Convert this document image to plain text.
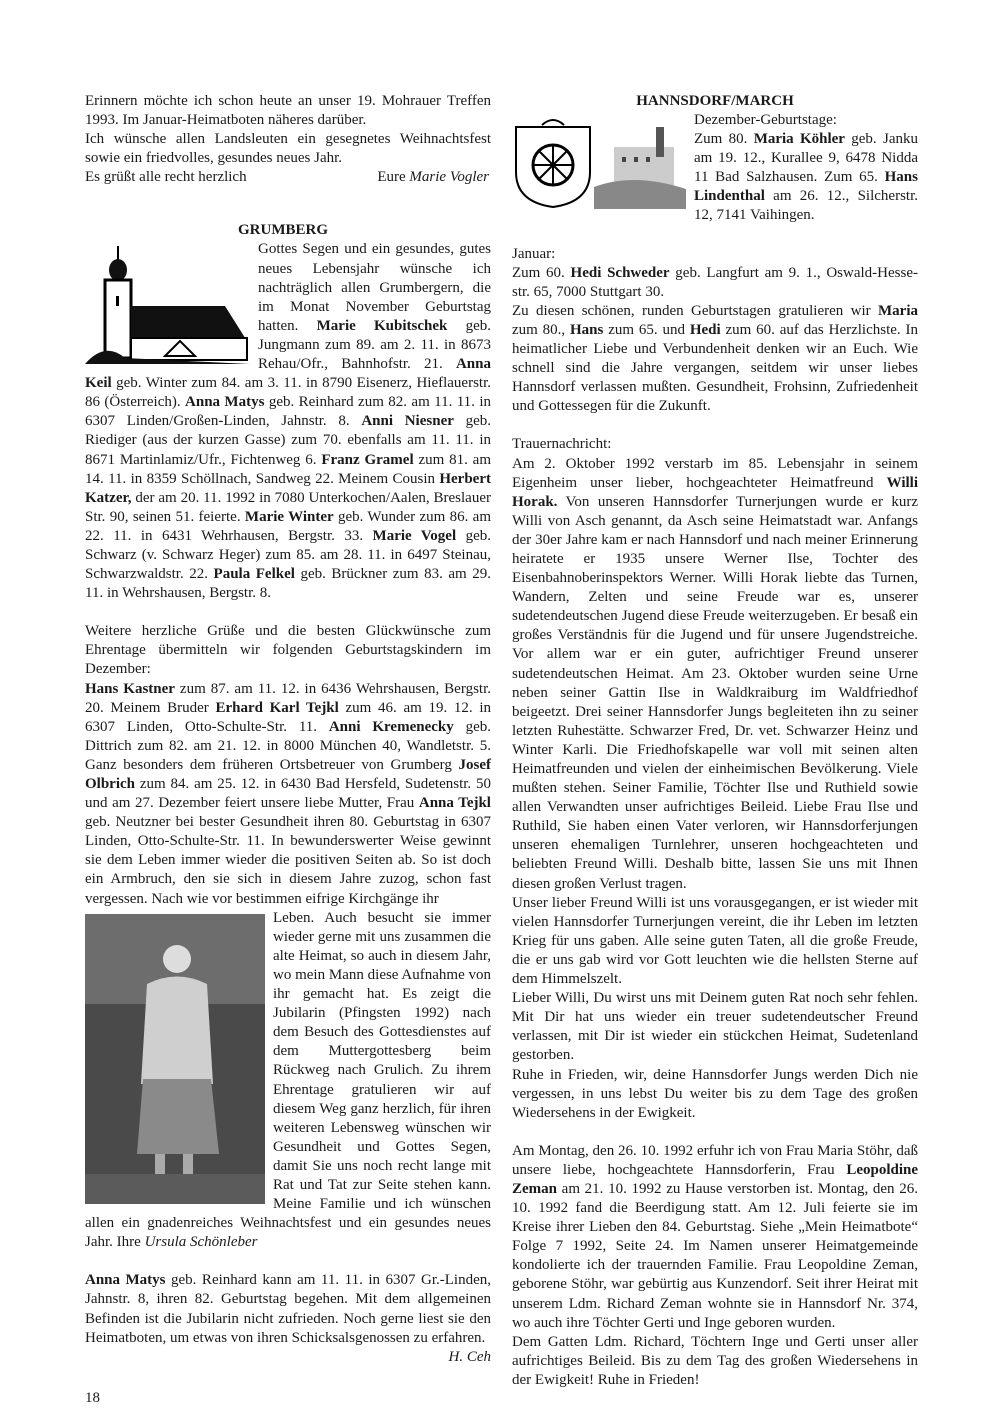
Erinnern möchte ich schon heute an unser 19. Mohrauer Treffen 1993. Im Januar-Heimatboten näheres darüber.

Ich wünsche allen Landsleuten ein gesegnetes Weihnachtsfest sowie ein friedvolles, gesundes neues Jahr.

Es grüßt alle recht herzlich	Eure Marie Vogler
GRUMBERG

Gottes Segen und ein gesundes, gutes neues Lebensjahr wünsche ich nachträglich allen Grumbergern, die im Monat November Geburtstag hatten. Marie Kubitschek geb. Jungmann zum 89. am 2. 11. in 8673 Rehau/Ofr., Bahnhofstr. 21. Anna Keil geb. Winter zum 84. am 3. 11. in 8790 Eisenerz, Hieflauerstr. 86 (Österreich). Anna Matys geb. Reinhard zum 82. am 11. 11. in 6307 Linden/Großen-Linden, Jahnstr. 8. Anni Niesner geb. Riediger (aus der kurzen Gasse) zum 70. ebenfalls am 11. 11. in 8671 Martinlamiz/Ufr., Fichtenweg 6. Franz Gramel zum 81. am 14. 11. in 8359 Schöllnach, Sandweg 22. Meinem Cousin Herbert Katzer, der am 20. 11. 1992 in 7080 Unterkochen/Aalen, Breslauer Str. 90, seinen 51. feierte. Marie Winter geb. Wunder zum 86. am 22. 11. in 6431 Wehrhausen, Bergstr. 33. Marie Vogel geb. Schwarz (v. Schwarz Heger) zum 85. am 28. 11. in 6497 Steinau, Schwarzwaldstr. 22. Paula Felkel geb. Brückner zum 83. am 29. 11. in Wehrshausen, Bergstr. 8.

Weitere herzliche Grüße und die besten Glückwünsche zum Ehrentage übermitteln wir folgenden Geburtstagskindern im Dezember:

Hans Kastner zum 87. am 11. 12. in 6436 Wehrshausen, Bergstr. 20. Meinem Bruder Erhard Karl Tejkl zum 46. am 19. 12. in 6307 Linden, Otto-Schulte-Str. 11. Anni Kremenecky geb. Dittrich zum 82. am 21. 12. in 8000 München 40, Wandletstr. 5. Ganz besonders dem früheren Ortsbetreuer von Grumberg Josef Olbrich zum 84. am 25. 12. in 6430 Bad Hersfeld, Sudetenstr. 50 und am 27. Dezember feiert unsere liebe Mutter, Frau Anna Tejkl geb. Neutzner bei bester Gesundheit ihren 80. Geburtstag in 6307 Linden, Otto-Schulte-Str. 11. In bewunderswerter Weise gewinnt sie dem Leben immer wieder die positiven Seiten ab. So ist doch ein Armbruch, den sie sich in diesem Jahre zuzog, schon fast vergessen. Nach wie vor bestimmen eifrige Kirchgänge ihr

Leben. Auch besucht sie immer wieder gerne mit uns zusammen die alte Heimat, so auch in diesem Jahr, wo mein Mann diese Aufnahme von ihr gemacht hat. Es zeigt die Jubilarin (Pfingsten 1992) nach dem Besuch des Gottesdienstes auf dem Muttergottesberg beim Rückweg nach Grulich. Zu ihrem Ehrentage gratulieren wir auf diesem Weg ganz herzlich, für ihren weiteren Lebensweg wünschen wir Gesundheit und Gottes Segen, damit Sie uns noch recht lange mit Rat und Tat zur Seite stehen kann. Meine Familie und ich wünschen allen ein gnadenreiches Weihnachtsfest und ein gesundes neues Jahr. Ihre Ursula Schönleber

Anna Matys geb. Reinhard kann am 11. 11. in 6307 Gr.-Linden, Jahnstr. 8, ihren 82. Geburtstag begehen. Mit dem allgemeinen Befinden ist die Jubilarin nicht zufrieden. Noch gerne liest sie den Heimatboten, um etwas von ihren Schicksalsgenossen zu erfahren.

H. Ceh

18
HANNSDORF/MARCH

Dezember-Geburtstage:

Zum 80. Maria Köhler geb. Janku am 19. 12., Kurallee 9, 6478 Nidda 11 Bad Salzhausen. Zum 65. Hans Lindenthal am 26. 12., Silcherstr. 12, 7141 Vaihingen.

Januar:

Zum 60. Hedi Schweder geb. Langfurt am 9. 1., Oswald-Hesse-str. 65, 7000 Stuttgart 30.

Zu diesen schönen, runden Geburtstagen gratulieren wir Maria zum 80., Hans zum 65. und Hedi zum 60. auf das Herzlichste. In heimatlicher Liebe und Verbundenheit denken wir an Euch. Wie schnell sind die Jahre vergangen, seitdem wir unser liebes Hannsdorf verlassen mußten. Gesundheit, Frohsinn, Zufriedenheit und Gottessegen für die Zukunft.

Trauernachricht:

Am 2. Oktober 1992 verstarb im 85. Lebensjahr in seinem Eigenheim unser lieber, hochgeachteter Heimatfreund Willi Horak. Von unseren Hannsdorfer Turnerjungen wurde er kurz Willi von Asch genannt, da Asch seine Heimatstadt war. Anfangs der 30er Jahre kam er nach Hannsdorf und nach meiner Erinnerung heiratete er 1935 unsere Werner Ilse, Tochter des Eisenbahnoberinspektors Werner. Willi Horak liebte das Turnen, Wandern, Zelten und seine Freude war es, unserer sudetendeutschen Jugend diese Freude weiterzugeben. Er besaß ein großes Verständnis für die Jugend und für unsere Jugendstreiche. Vor allem war er ein guter, aufrichtiger Freund unserer sudetendeutschen Heimat. Am 23. Oktober wurden seine Urne neben seiner Gattin Ilse in Waldkraiburg im Waldfriedhof beigeetzt. Drei seiner Hannsdorfer Jungs begleiteten ihn zu seiner letzten Ruhestätte. Schwarzer Fred, Dr. vet. Schwarzer Heinz und Winter Karli. Die Friedhofskapelle war voll mit seinen alten Heimatfreunden und vielen der einheimischen Bevölkerung. Viele mußten stehen. Seiner Familie, Töchter Ilse und Ruthield sowie allen Verwandten unser aufrichtiges Beileid. Liebe Frau Ilse und Ruthild, Sie haben einen Vater verloren, wir Hannsdorferjungen unseren ehemaligen Turnlehrer, unseren hochgeachteten und beliebten Freund Willi. Deshalb bitte, lassen Sie uns mit Ihnen diesen großen Verlust tragen.

Unser lieber Freund Willi ist uns vorausgegangen, er ist wieder mit vielen Hannsdorfer Turnerjungen vereint, die ihr Leben im letzten Krieg für uns gaben. Alle seine guten Taten, all die große Freude, die er uns gab wird vor Gott leuchten wie die hellsten Sterne auf dem Himmelszelt.

Lieber Willi, Du wirst uns mit Deinem guten Rat noch sehr fehlen. Mit Dir hat uns wieder ein treuer sudetendeutscher Freund verlassen, mit Dir ist wieder ein stückchen Heimat, Sudetenland gestorben.

Ruhe in Frieden, wir, deine Hannsdorfer Jungs werden Dich nie vergessen, in uns lebst Du weiter bis zu dem Tage des großen Wiedersehens in der Ewigkeit.

Am Montag, den 26. 10. 1992 erfuhr ich von Frau Maria Stöhr, daß unsere liebe, hochgeachtete Hannsdorferin, Frau Leopoldine Zeman am 21. 10. 1992 zu Hause verstorben ist. Montag, den 26. 10. 1992 fand die Beerdigung statt. Am 12. Juli feierte sie im Kreise ihrer Lieben den 84. Geburtstag. Siehe „Mein Heimatbote“ Folge 7 1992, Seite 24. Im Namen unserer Heimatgemeinde kondolierte ich der trauernden Familie. Frau Leopoldine Zeman, geborene Stöhr, war gebürtig aus Kunzendorf. Seit ihrer Heirat mit unserem Ldm. Richard Zeman wohnte sie in Hannsdorf Nr. 374, wo auch ihre Töchter Gerti und Inge geboren wurden.

Dem Gatten Ldm. Richard, Töchtern Inge und Gerti unser aller aufrichtiges Beileid. Bis zu dem Tag des großen Wiedersehens in der Ewigkeit! Ruhe in Frieden!
